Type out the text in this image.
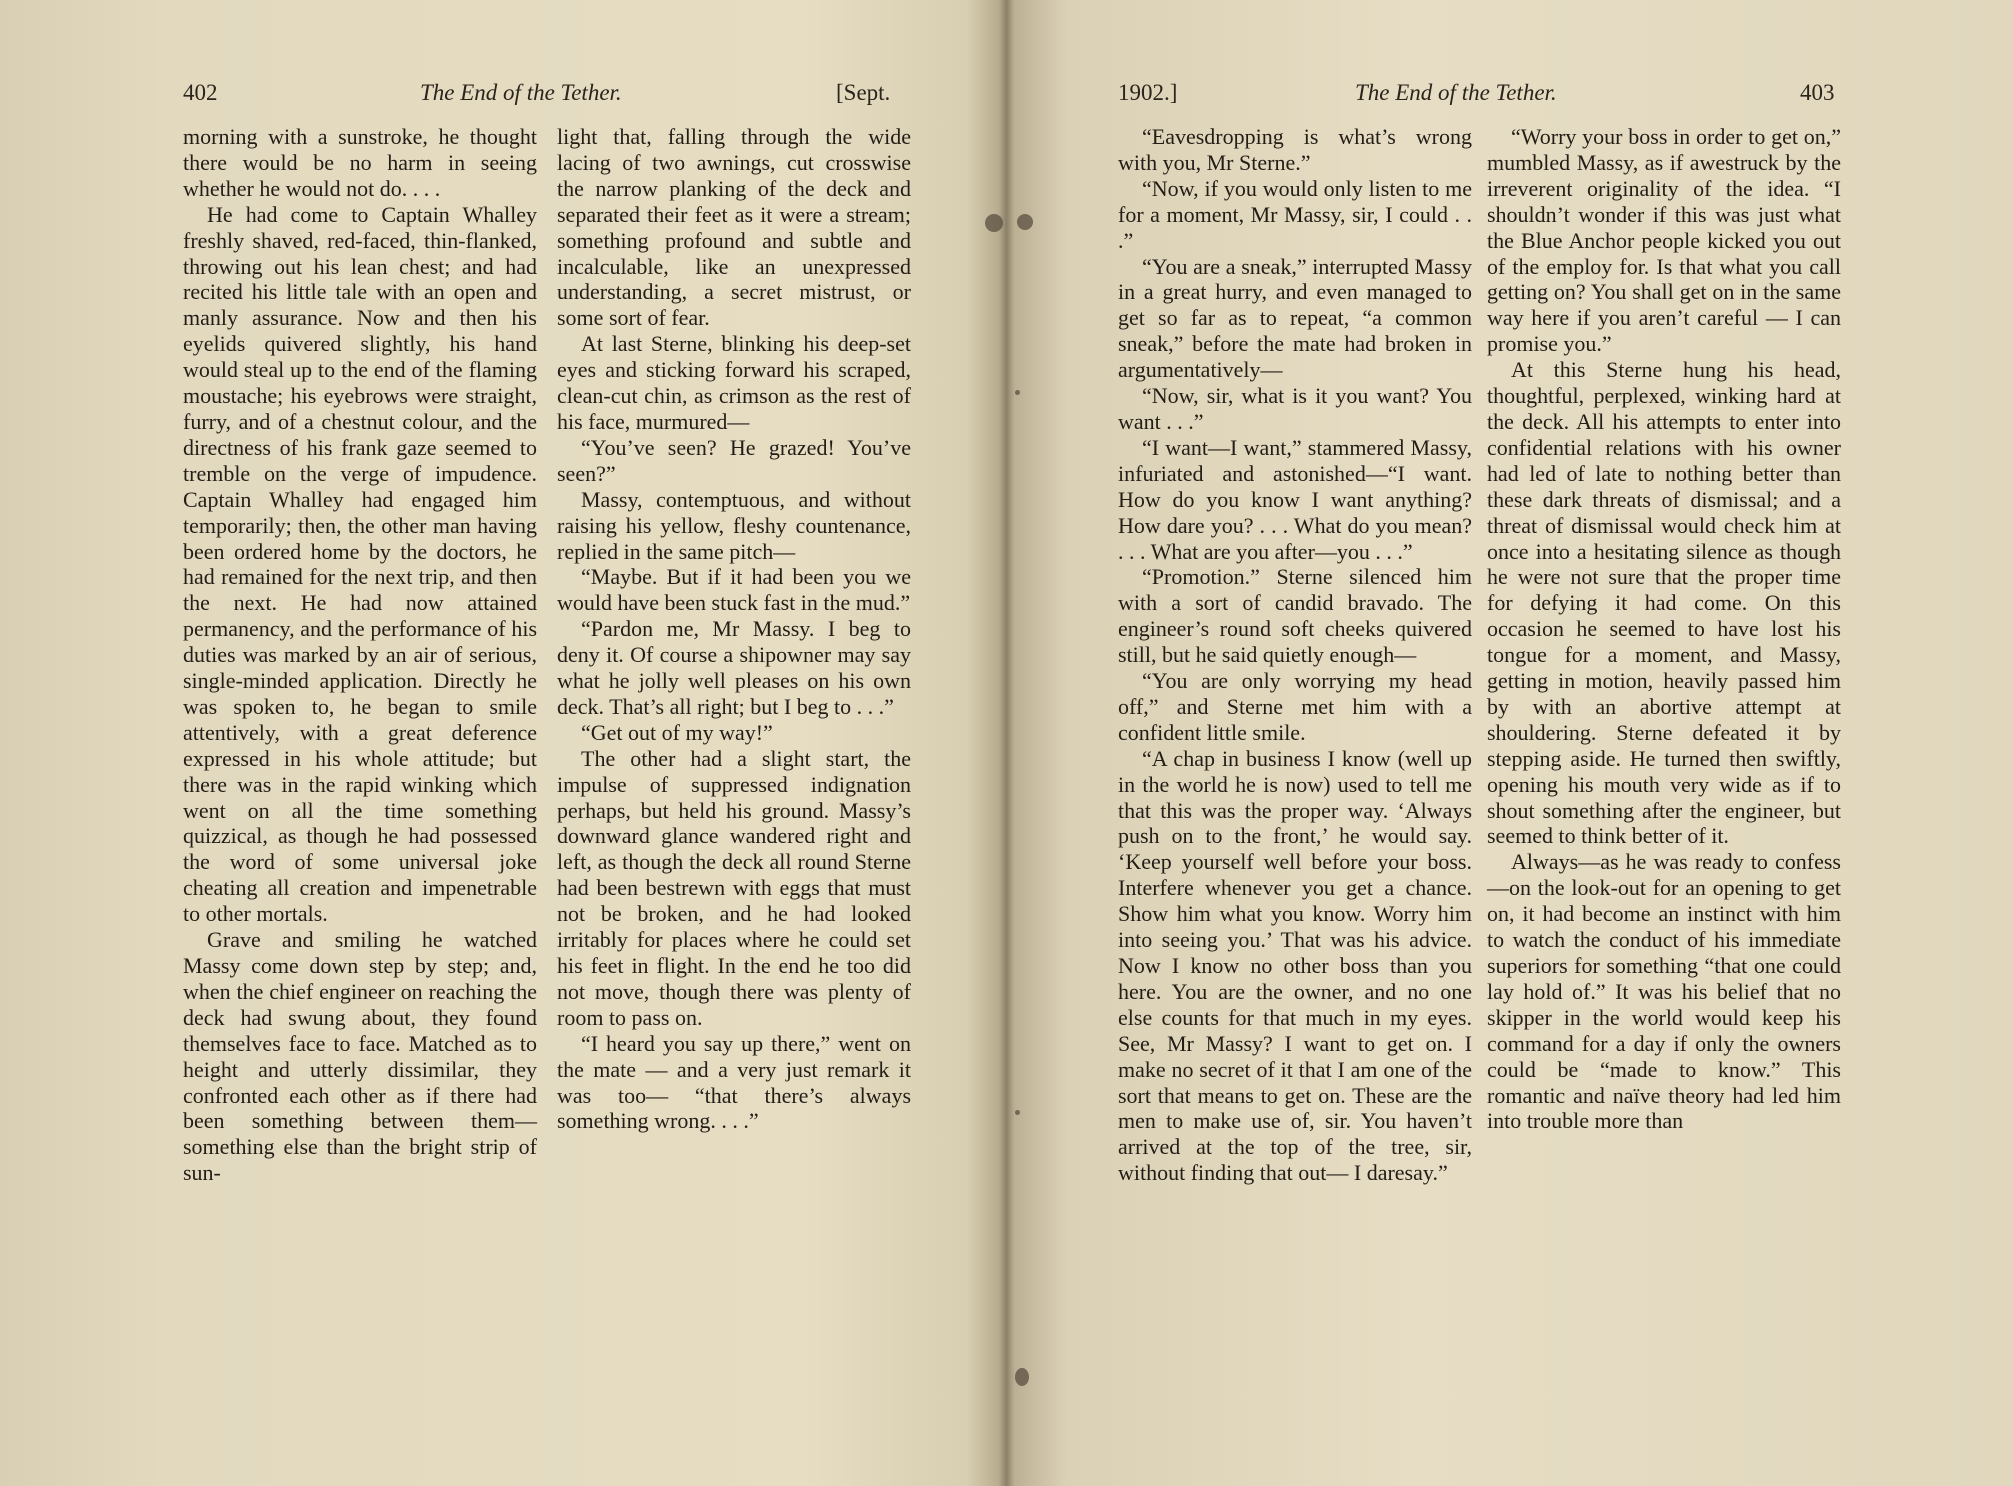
402	The End of the Tether.	[Sept.

morning with a sunstroke, he thought there would be no harm in seeing whether he would not do. . . .

He had come to Captain Whalley freshly shaved, red-faced, thin-flanked, throwing out his lean chest; and had recited his little tale with an open and manly assurance. Now and then his eyelids quivered slightly, his hand would steal up to the end of the flaming moustache; his eyebrows were straight, furry, and of a chestnut colour, and the directness of his frank gaze seemed to tremble on the verge of impudence. Captain Whalley had engaged him temporarily; then, the other man having been ordered home by the doctors, he had remained for the next trip, and then the next. He had now attained permanency, and the performance of his duties was marked by an air of serious, single-minded application. Directly he was spoken to, he began to smile attentively, with a great deference expressed in his whole attitude; but there was in the rapid winking which went on all the time something quizzical, as though he had possessed the word of some universal joke cheating all creation and impenetrable to other mortals.

Grave and smiling he watched Massy come down step by step; and, when the chief engineer on reaching the deck had swung about, they found themselves face to face. Matched as to height and utterly dissimilar, they confronted each other as if there had been something between them—something else than the bright strip of sun-

light that, falling through the wide lacing of two awnings, cut crosswise the narrow planking of the deck and separated their feet as it were a stream; something profound and subtle and incalculable, like an unexpressed understanding, a secret mistrust, or some sort of fear.

At last Sterne, blinking his deep-set eyes and sticking forward his scraped, clean-cut chin, as crimson as the rest of his face, murmured—

“You’ve seen? He grazed! You’ve seen?”

Massy, contemptuous, and without raising his yellow, fleshy countenance, replied in the same pitch—

“Maybe. But if it had been you we would have been stuck fast in the mud.”

“Pardon me, Mr Massy. I beg to deny it. Of course a shipowner may say what he jolly well pleases on his own deck. That’s all right; but I beg to . . .”

“Get out of my way!”

The other had a slight start, the impulse of suppressed indignation perhaps, but held his ground. Massy’s downward glance wandered right and left, as though the deck all round Sterne had been bestrewn with eggs that must not be broken, and he had looked irritably for places where he could set his feet in flight. In the end he too did not move, though there was plenty of room to pass on.

“I heard you say up there,” went on the mate — and a very just remark it was too— “that there’s always something wrong. . . .”

1902.]	The End of the Tether.	403

“Eavesdropping is what’s wrong with you, Mr Sterne.”

“Now, if you would only listen to me for a moment, Mr Massy, sir, I could . . .”

“You are a sneak,” interrupted Massy in a great hurry, and even managed to get so far as to repeat, “a common sneak,” before the mate had broken in argumentatively—

“Now, sir, what is it you want? You want . . .”

“I want—I want,” stammered Massy, infuriated and astonished—“I want. How do you know I want anything? How dare you? . . . What do you mean? . . . What are you after—you . . .”

“Promotion.” Sterne silenced him with a sort of candid bravado. The engineer’s round soft cheeks quivered still, but he said quietly enough—

“You are only worrying my head off,” and Sterne met him with a confident little smile.

“A chap in business I know (well up in the world he is now) used to tell me that this was the proper way. ‘Always push on to the front,’ he would say. ‘Keep yourself well before your boss. Interfere whenever you get a chance. Show him what you know. Worry him into seeing you.’ That was his advice. Now I know no other boss than you here. You are the owner, and no one else counts for that much in my eyes. See, Mr Massy? I want to get on. I make no secret of it that I am one of the sort that means to get on. These are the men to make use of, sir. You haven’t arrived at the top of the tree, sir, without finding that out— I daresay.”

“Worry your boss in order to get on,” mumbled Massy, as if awestruck by the irreverent originality of the idea. “I shouldn’t wonder if this was just what the Blue Anchor people kicked you out of the employ for. Is that what you call getting on? You shall get on in the same way here if you aren’t careful — I can promise you.”

At this Sterne hung his head, thoughtful, perplexed, winking hard at the deck. All his attempts to enter into confidential relations with his owner had led of late to nothing better than these dark threats of dismissal; and a threat of dismissal would check him at once into a hesitating silence as though he were not sure that the proper time for defying it had come. On this occasion he seemed to have lost his tongue for a moment, and Massy, getting in motion, heavily passed him by with an abortive attempt at shouldering. Sterne defeated it by stepping aside. He turned then swiftly, opening his mouth very wide as if to shout something after the engineer, but seemed to think better of it.

Always—as he was ready to confess—on the look-out for an opening to get on, it had become an instinct with him to watch the conduct of his immediate superiors for something “that one could lay hold of.” It was his belief that no skipper in the world would keep his command for a day if only the owners could be “made to know.” This romantic and naïve theory had led him into trouble more than
